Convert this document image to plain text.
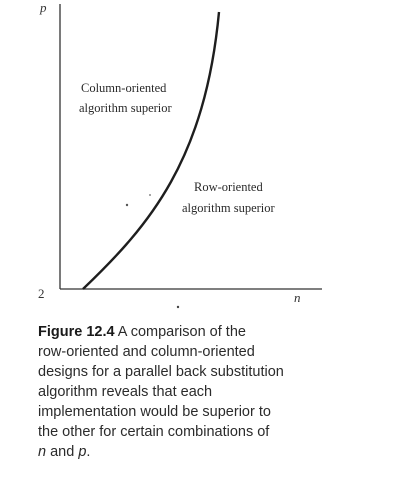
p
n
2
Column-oriented
algorithm superior
Row-oriented
algorithm superior
Figure 12.4 A comparison of the
row-oriented and column-oriented
designs for a parallel back substitution
algorithm reveals that each
implementation would be superior to
the other for certain combinations of
n and p.
